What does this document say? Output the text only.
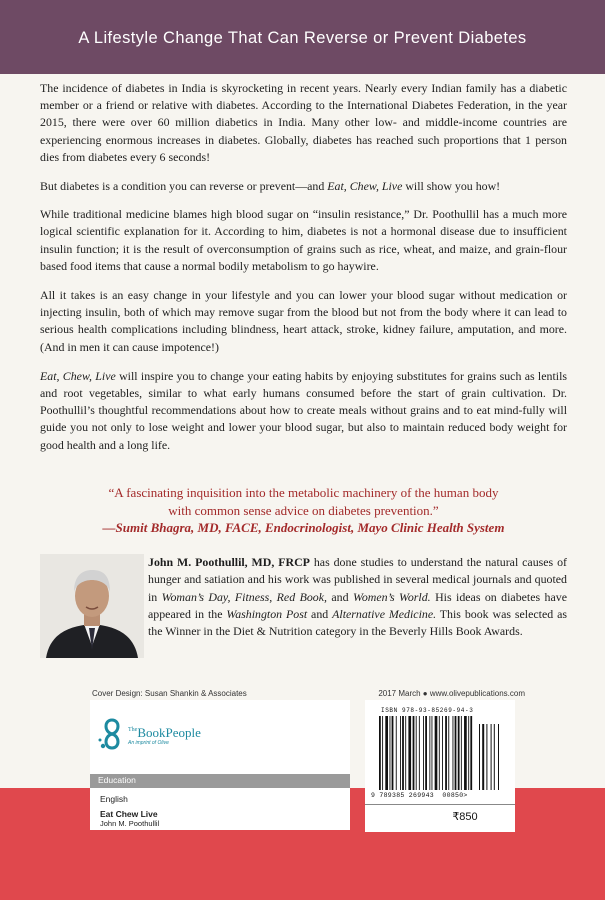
A Lifestyle Change That Can Reverse or Prevent Diabetes

The incidence of diabetes in India is skyrocketing in recent years. Nearly every Indian family has a diabetic member or a friend or relative with diabetes. According to the International Diabetes Federation, in the year 2015, there were over 60 million diabetics in India. Many other low- and middle-income countries are experiencing enormous increases in diabetes. Globally, diabetes has reached such proportions that 1 person dies from diabetes every 6 seconds!

But diabetes is a condition you can reverse or prevent—and Eat, Chew, Live will show you how!

While traditional medicine blames high blood sugar on “insulin resistance,” Dr. Poothullil has a much more logical scientific explanation for it. According to him, diabetes is not a hormonal disease due to insufficient insulin function; it is the result of overconsumption of grains such as rice, wheat, and maize, and grain-flour based food items that cause a normal bodily metabolism to go haywire.

All it takes is an easy change in your lifestyle and you can lower your blood sugar without medication or injecting insulin, both of which may remove sugar from the blood but not from the body where it can lead to serious health complications including blindness, heart attack, stroke, kidney failure, amputation, and more. (And in men it can cause impotence!)

Eat, Chew, Live will inspire you to change your eating habits by enjoying substitutes for grains such as lentils and root vegetables, similar to what early humans consumed before the start of grain cultivation. Dr. Poothullil’s thoughtful recommendations about how to create meals without grains and to eat mind-fully will guide you not only to lose weight and lower your blood sugar, but also to maintain reduced body weight for good health and a long life.

“A fascinating inquisition into the metabolic machinery of the human body
with common sense advice on diabetes prevention.”
—Sumit Bhagra, MD, FACE, Endocrinologist, Mayo Clinic Health System
John M. Poothullil, MD, FRCP has done studies to understand the natural causes of hunger and satiation and his work was published in several medical journals and quoted in Woman’s Day, Fitness, Red Book, and Women’s World. His ideas on diabetes have appeared in the Washington Post and Alternative Medicine. This book was selected as the Winner in the Diet & Nutrition category in the Beverly Hills Book Awards.
Cover Design: Susan Shankin & Associates	2017 March ● www.olivepublications.com
$^{The}$BookPeople
An imprint of Olive
Education
English
Eat Chew Live
John M. Poothullil
ISBN 978-93-85269-94-3
9 789385 269943 00850>
₹850
